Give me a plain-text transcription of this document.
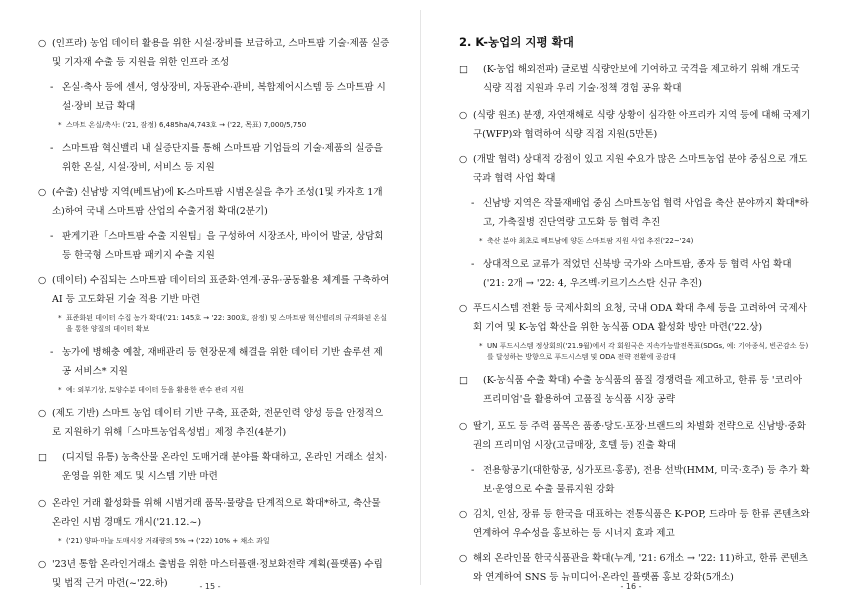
○ (인프라) 농업 데이터 활용을 위한 시설·장비를 보급하고, 스마트팜 기술·제품 실증 및 기자재 수출 등 지원을 위한 인프라 조성
- 온실·축사 등에 센서, 영상장비, 자동관수·관비, 복합제어시스템 등 스마트팜 시설·장비 보급 확대
* 스마트 온실/축사: ('21, 잠정) 6,485ha/4,743호 → ('22, 목표) 7,000/5,750
- 스마트팜 혁신밸리 내 실증단지를 통해 스마트팜 기업들의 기술·제품의 실증을 위한 온실, 시설·장비, 서비스 등 지원
○ (수출) 신남방 지역(베트남)에 K-스마트팜 시범온실을 추가 조성(1및 카자흐 1개소)하여 국내 스마트팜 산업의 수출거점 확대(2분기)
- 판게기관「스마트팜 수출 지원팀」을 구성하여 시장조사, 바이어 발굴, 상담회 등 한국형 스마트팜 패키지 수출 지원
○ (데이터) 수집되는 스마트팜 데이터의 표준화·연계·공유·공동활용 체계를 구축하여 AI 등 고도화된 기술 적용 기반 마련
* 표준화된 데이터 수집 농가 확대('21: 145호 → '22: 300호, 잠정) 및 스마트팜 혁신밸리의 규격화된 온실을 통한 양질의 데이터 확보
- 농가에 병해충 예찰, 재배관리 등 현장문제 해결을 위한 데이터 기반 솔루션 제공 서비스* 지원
* 예: 외부기상, 토양수분 데이터 등을 활용한 관수 관리 지원
○ (제도 기반) 스마트 농업 데이터 기반 구축, 표준화, 전문인력 양성 등을 안정적으로 지원하기 위해「스마트농업육성법」제정 추진(4분기)
□ (디지털 유통) 농축산물 온라인 도매거래 분야를 확대하고, 온라인 거래소 설치·운영을 위한 제도 및 시스템 기반 마련
○ 온라인 거래 활성화를 위해 시범거래 품목·물량을 단계적으로 확대*하고, 축산물 온라인 시범 경매도 개시('21.12.~)
* ('21) 양파·마늘 도매시장 거래량의 5% → ('22) 10% + 채소 과일
○ '23년 통합 온라인거래소 출범을 위한 마스터플랜·정보화전략 계획(플랫폼) 수립 및 법적 근거 마련(~'22.하)	- 15 -
2. K-농업의 지평 확대
□ (K-농업 해외전파) 글로벌 식량안보에 기여하고 국격을 제고하기 위해 개도국 식량 직접 지원과 우리 기술·정책 경험 공유 확대
○ (식량 원조) 분쟁, 자연재해로 식량 상황이 심각한 아프리카 지역 등에 대해 국제기구(WFP)와 협력하여 식량 직접 지원(5만톤)
○ (개발 협력) 상대적 강점이 있고 지원 수요가 많은 스마트농업 분야 중심으로 개도국과 협력 사업 확대
- 신남방 지역은 작물재배업 중심 스마트농업 협력 사업을 축산 분야까지 확대*하고, 가축질병 진단역량 고도화 등 협력 추진
* 축산 분야 최초로 베트남에 양돈 스마트팜 지원 사업 추진('22~'24)
- 상대적으로 교류가 적었던 신북방 국가와 스마트팜, 종자 등 협력 사업 확대('21: 2개 → '22: 4, 우즈벡·키르기스스탄 신규 추진)
○ 푸드시스템 전환 등 국제사회의 요청, 국내 ODA 확대 추세 등을 고려하여 국제사회 기여 및 K-농업 확산을 위한 농식품 ODA 활성화 방안 마련('22.상)
* UN 푸드시스템 정상회의('21.9월)에서 각 회원국은 지속가능발전목표(SDGs, 예: 기아종식, 빈곤감소 등)를 달성하는 방향으로 푸드시스템 및 ODA 전략 전환에 공감대
□ (K-농식품 수출 확대) 수출 농식품의 품질 경쟁력을 제고하고, 한류 등 '코리아 프리미엄'을 활용하여 고품질 농식품 시장 공략
○ 딸기, 포도 등 주력 품목은 품종·당도·포장·브랜드의 차별화 전략으로 신남방·중화권의 프리미엄 시장(고급매장, 호텔 등) 진출 확대
- 전용항공기(대한항공, 싱가포르·홍콩), 전용 선박(HMM, 미국·호주) 등 추가 확보·운영으로 수출 물류지원 강화
○ 김치, 인삼, 장류 등 한국을 대표하는 전통식품은 K-POP, 드라마 등 한류 콘텐츠와 연계하여 우수성을 홍보하는 등 시너지 효과 제고
○ 해외 온라인몰 한국식품관을 확대(누계, '21: 6개소 → '22: 11)하고, 한류 콘텐츠와 연계하여 SNS 등 뉴미디어·온라인 플랫폼 홍보 강화(5개소)
- 16 -
